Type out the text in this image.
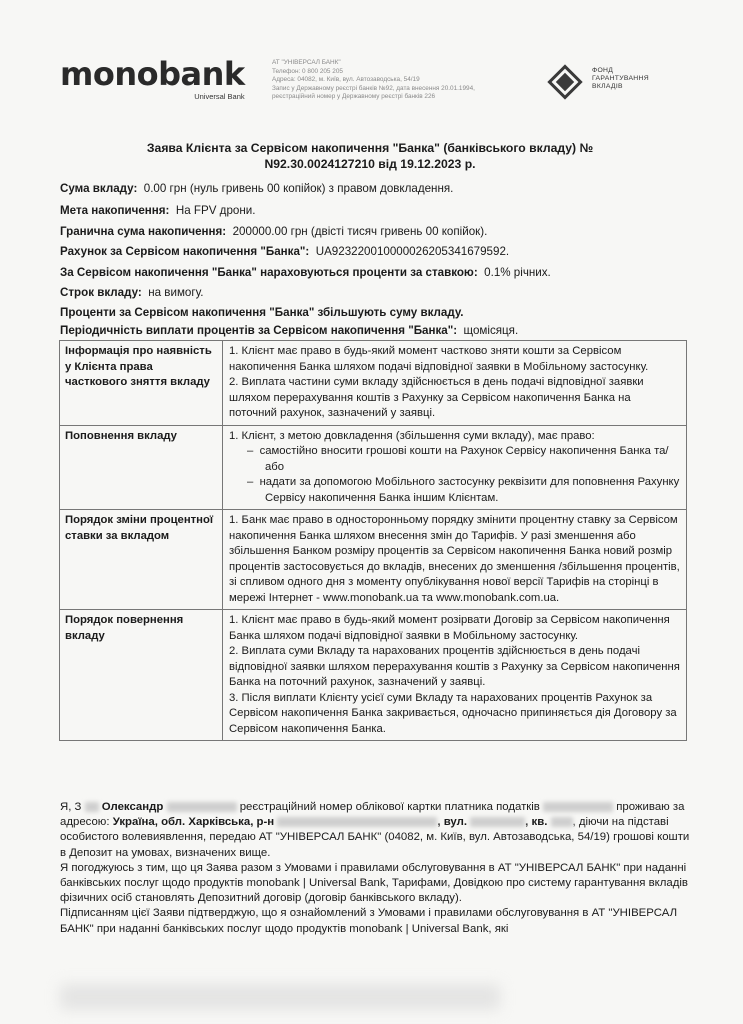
monobank
Universal Bank
АТ "УНІВЕРСАЛ БАНК"
Телефон: 0 800 205 205
Адреса: 04082, м. Київ, вул. Автозаводська, 54/19
Запис у Державному реєстрі банків №92, дата внесення 20.01.1994,
реєстраційний номер у Державному реєстрі банків 226
ФОНД
ГАРАНТУВАННЯ
ВКЛАДІВ
Заява Клієнта за Сервісом накопичення "Банка" (банківського вкладу) № N92.30.0024127210 від 19.12.2023 р.
Сума вкладу: 0.00 грн (нуль гривень 00 копійок) з правом довкладення.
Мета накопичення: На FPV дрони.
Гранична сума накопичення: 200000.00 грн (двісті тисяч гривень 00 копійок).
Рахунок за Сервісом накопичення "Банка": UA923220010000026205341679592.
За Сервісом накопичення "Банка" нараховуються проценти за ставкою: 0.1% річних.
Строк вкладу: на вимогу.
Проценти за Сервісом накопичення "Банка" збільшують суму вкладу.
Періодичність виплати процентів за Сервісом накопичення "Банка": щомісяця.
Інформація про наявність у Клієнта права часткового зняття вкладу	1. Клієнт має право в будь-який момент частково зняти кошти за Сервісом накопичення Банка шляхом подачі відповідної заявки в Мобільному застосунку.
2. Виплата частини суми вкладу здійснюється в день подачі відповідної заявки шляхом перерахування коштів з Рахунку за Сервісом накопичення Банка на поточний рахунок, зазначений у заявці.

Поповнення вкладу	1. Клієнт, з метою довкладення (збільшення суми вкладу), має право:
–  самостійно вносити грошові кошти на Рахунок Сервісу накопичення Банка та/або
–  надати за допомогою Мобільного застосунку реквізити для поповнення Рахунку Сервісу накопичення Банка іншим Клієнтам.

Порядок зміни процентної ставки за вкладом	1. Банк має право в односторонньому порядку змінити процентну ставку за Сервісом накопичення Банка шляхом внесення змін до Тарифів. У разі зменшення або збільшення Банком розміру процентів за Сервісом накопичення Банка новий розмір процентів застосовується до вкладів, внесених до зменшення /збільшення процентів, зі спливом одного дня з моменту опублікування нової версії Тарифів на сторінці в мережі Інтернет - www.monobank.ua та www.monobank.com.ua.
Порядок повернення вкладу	1. Клієнт має право в будь-який момент розірвати Договір за Сервісом накопичення Банка шляхом подачі відповідної заявки в Мобільному застосунку.
2. Виплата суми Вкладу та нарахованих процентів здійснюється в день подачі відповідної заявки шляхом перерахування коштів з Рахунку за Сервісом накопичення Банка на поточний рахунок, зазначений у заявці.
3. Після виплати Клієнту усієї суми Вкладу та нарахованих процентів Рахунок за Сервісом накопичення Банка закривається, одночасно припиняється дія Договору за Сервісом накопичення Банка.
Я, З Олександр	реєстраційний номер облікової картки платника податків	проживаю за адресою: Україна, обл. Харківська, р-н	, вул.	, кв. , діючи на підставі особистого волевиявлення, передаю АТ "УНІВЕРСАЛ БАНК" (04082, м. Київ, вул. Автозаводська, 54/19) грошові кошти в Депозит на умовах, визначених вище.
Я погоджуюсь з тим, що ця Заява разом з Умовами і правилами обслуговування в АТ "УНІВЕРСАЛ БАНК" при наданні банківських послуг щодо продуктів monobank | Universal Bank, Тарифами, Довідкою про систему гарантування вкладів фізичних осіб становлять Депозитний договір (договір банківського вкладу).
Підписанням цієї Заяви підтверджую, що я ознайомлений з Умовами і правилами обслуговування в АТ "УНІВЕРСАЛ БАНК" при наданні банківських послуг щодо продуктів monobank | Universal Bank, які
